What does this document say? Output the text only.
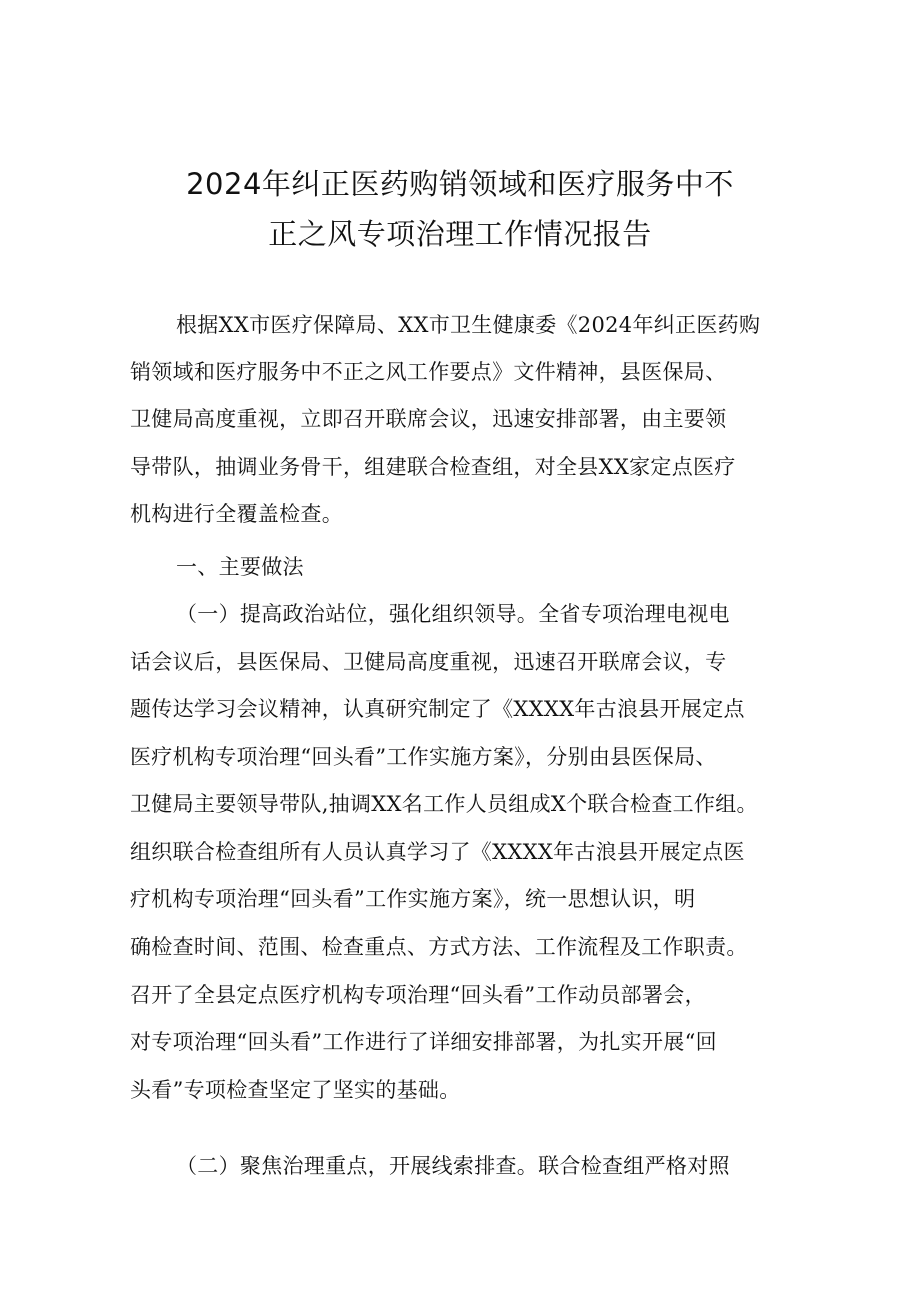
2024年纠正医药购销领域和医疗服务中不
正之风专项治理工作情况报告
根据XX市医疗保障局、XX市卫生健康委《2024年纠正医药购
销领域和医疗服务中不正之风工作要点》文件精神，县医保局、
卫健局高度重视，立即召开联席会议，迅速安排部署，由主要领
导带队，抽调业务骨干，组建联合检查组，对全县XX家定点医疗
机构进行全覆盖检查。
一、主要做法
（一）提高政治站位，强化组织领导。全省专项治理电视电
话会议后，县医保局、卫健局高度重视，迅速召开联席会议，专
题传达学习会议精神，认真研究制定了《XXXX年古浪县开展定点
医疗机构专项治理“回头看”工作实施方案》，分别由县医保局、
卫健局主要领导带队,抽调XX名工作人员组成X个联合检查工作组。
组织联合检查组所有人员认真学习了《XXXX年古浪县开展定点医
疗机构专项治理“回头看”工作实施方案》，统一思想认识，明
确检查时间、范围、检查重点、方式方法、工作流程及工作职责。
召开了全县定点医疗机构专项治理“回头看”工作动员部署会，
对专项治理“回头看”工作进行了详细安排部署，为扎实开展“回
头看”专项检查坚定了坚实的基础。
（二）聚焦治理重点，开展线索排查。联合检查组严格对照
